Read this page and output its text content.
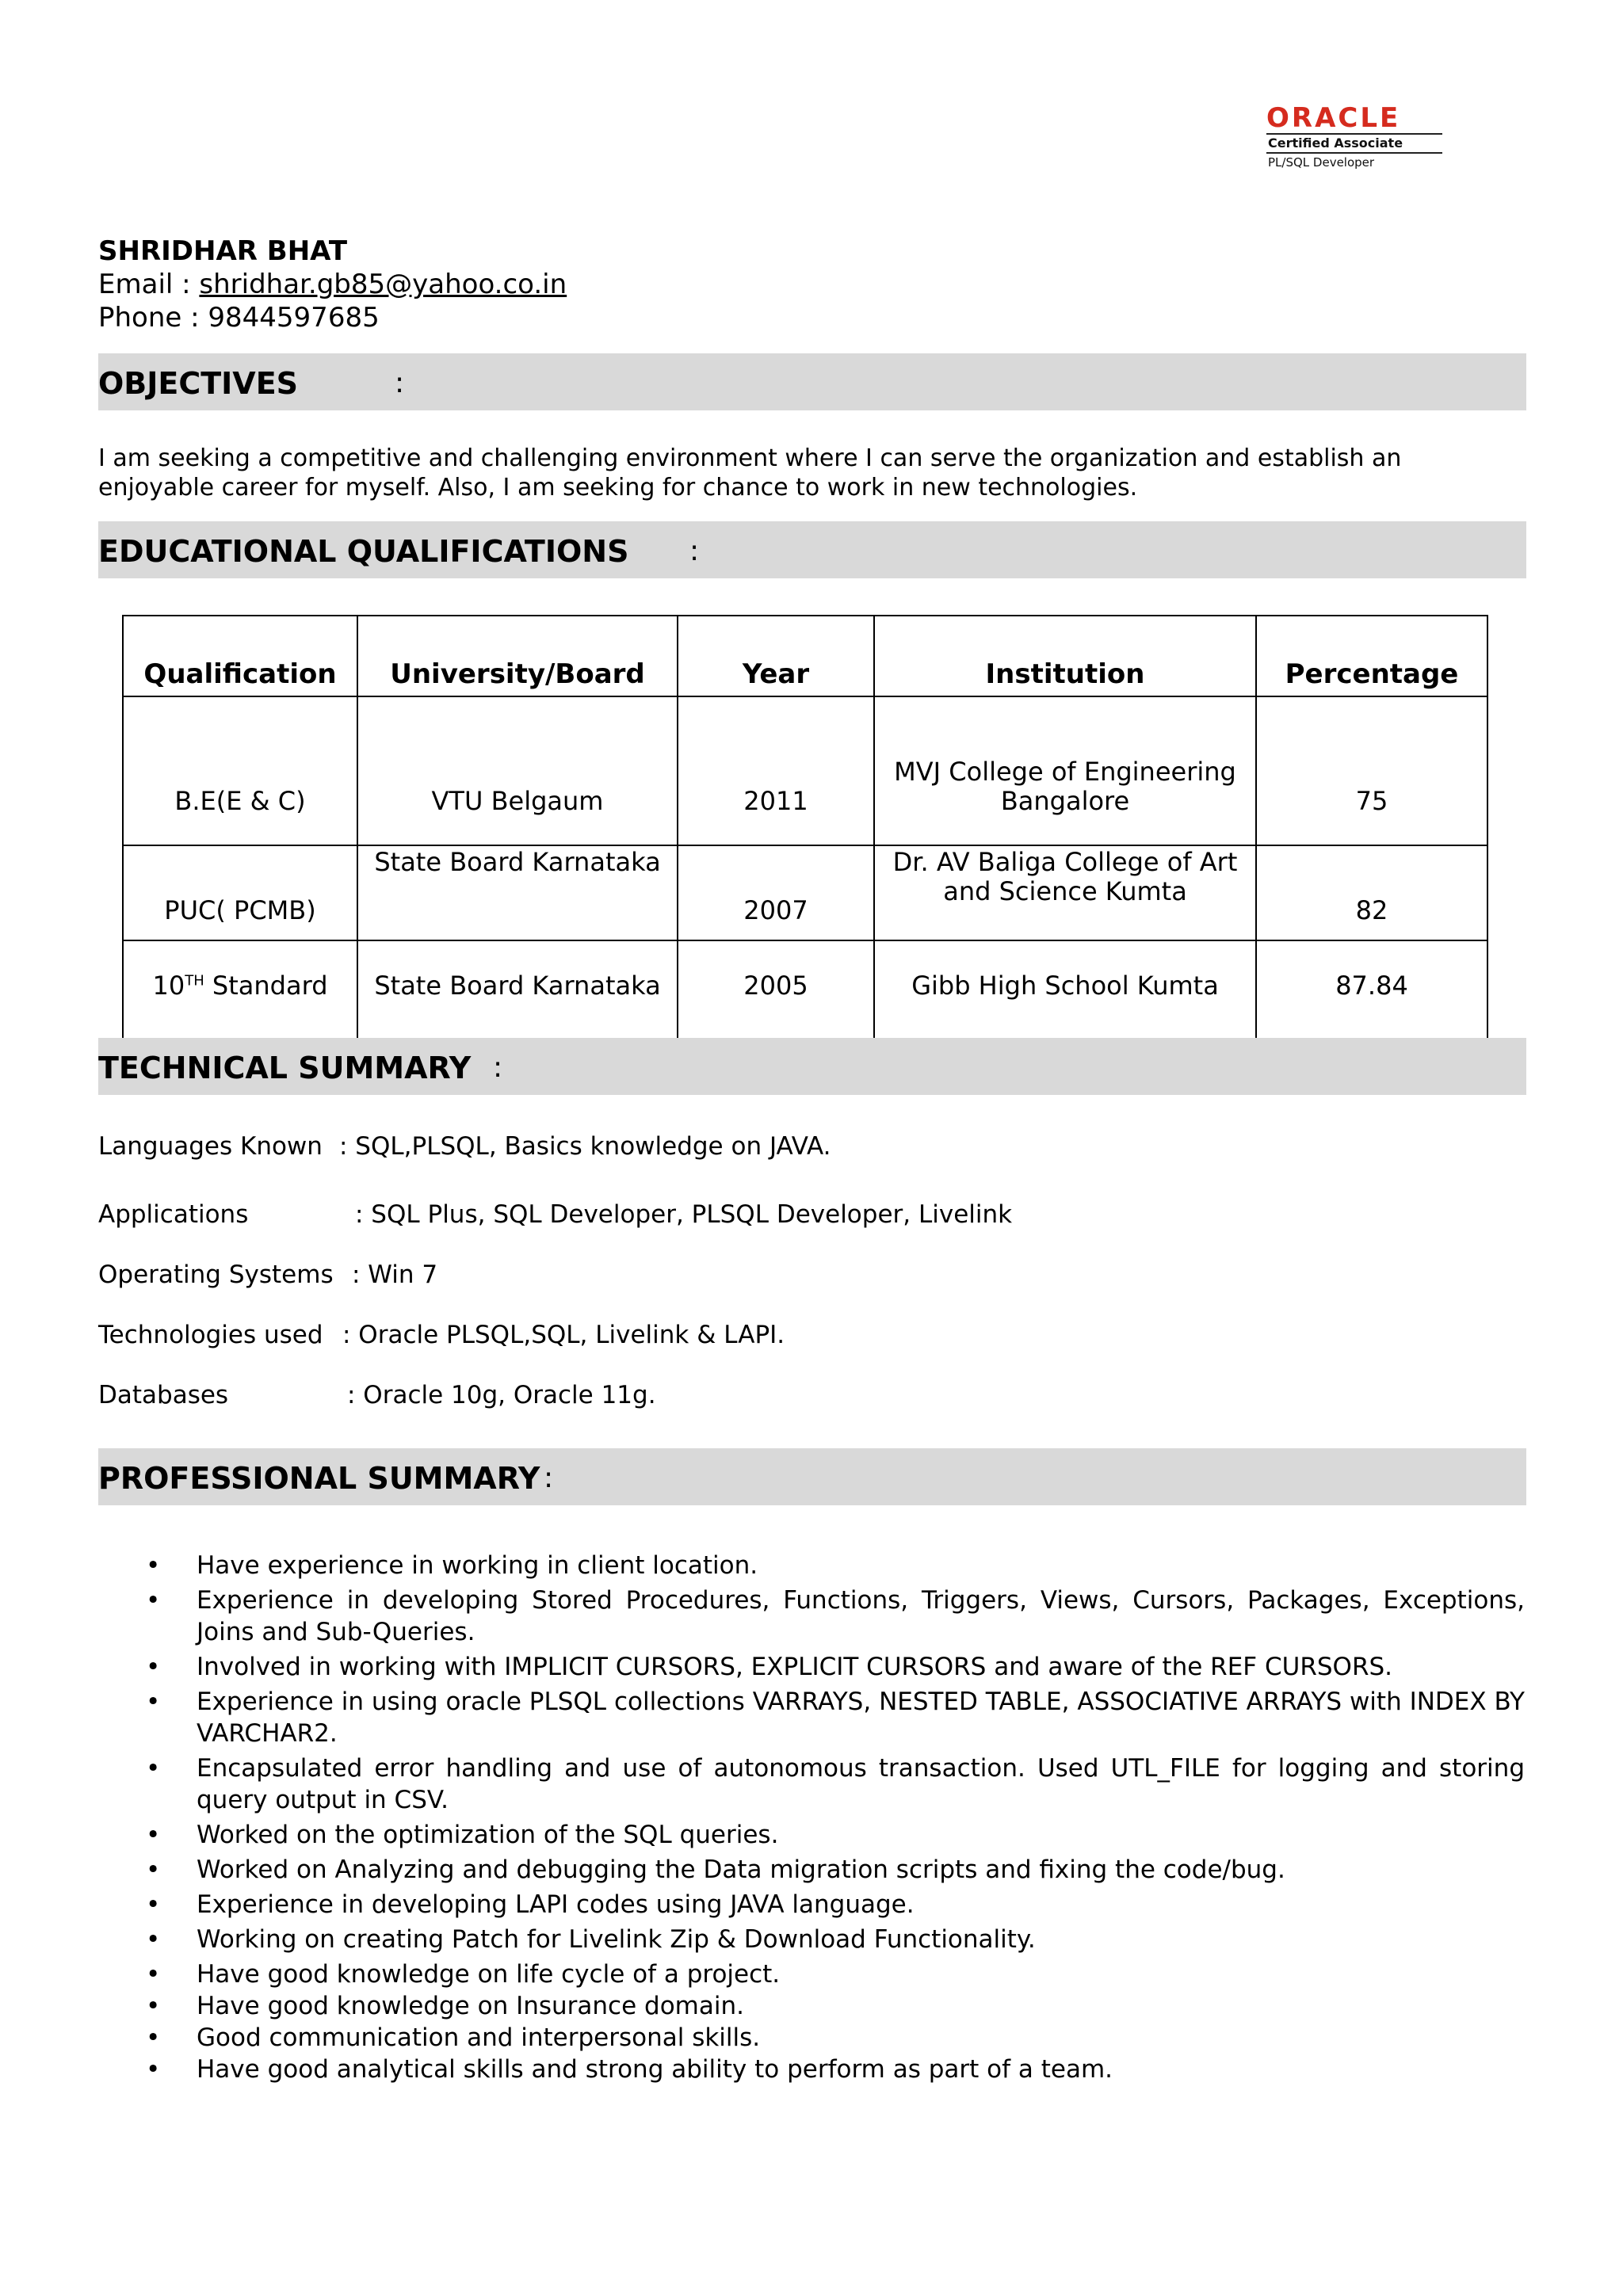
ORACLE
Certified Associate
PL/SQL Developer
SHRIDHAR BHAT
Email : shridhar.gb85@yahoo.co.in
Phone : 9844597685
OBJECTIVES	:
I am seeking a competitive and challenging environment where I can serve the organization and establish an enjoyable career for myself. Also, I am seeking for chance to work in new technologies.
EDUCATIONAL QUALIFICATIONS :
Qualification	University/Board	Year	Institution	Percentage
B.E(E & C)	VTU Belgaum	2011	MVJ College of Engineering Bangalore	75
PUC( PCMB)	State Board Karnataka	2007	Dr. AV Baliga College of Art and Science Kumta	82
10TH Standard	State Board Karnataka	2005	Gibb High School Kumta	87.84
TECHNICAL SUMMARY :
Languages Known : SQL,PLSQL, Basics knowledge on JAVA.
Applications	: SQL Plus, SQL Developer, PLSQL Developer, Livelink
Operating Systems : Win 7
Technologies used : Oracle PLSQL,SQL, Livelink & LAPI.
Databases	: Oracle 10g, Oracle 11g.
PROFESSIONAL SUMMARY :
• Have experience in working in client location.
• Experience in developing Stored Procedures, Functions, Triggers, Views, Cursors, Packages, Exceptions, Joins and Sub-Queries.
• Involved in working with IMPLICIT CURSORS, EXPLICIT CURSORS and aware of the REF CURSORS.
• Experience in using oracle PLSQL collections VARRAYS, NESTED TABLE, ASSOCIATIVE ARRAYS with INDEX BY VARCHAR2.
• Encapsulated error handling and use of autonomous transaction. Used UTL_FILE for logging and storing query output in CSV.
• Worked on the optimization of the SQL queries.
• Worked on Analyzing and debugging the Data migration scripts and fixing the code/bug.
• Experience in developing LAPI codes using JAVA language.
• Working on creating Patch for Livelink Zip & Download Functionality.
• Have good knowledge on life cycle of a project.
• Have good knowledge on Insurance domain.
• Good communication and interpersonal skills.
• Have good analytical skills and strong ability to perform as part of a team.
